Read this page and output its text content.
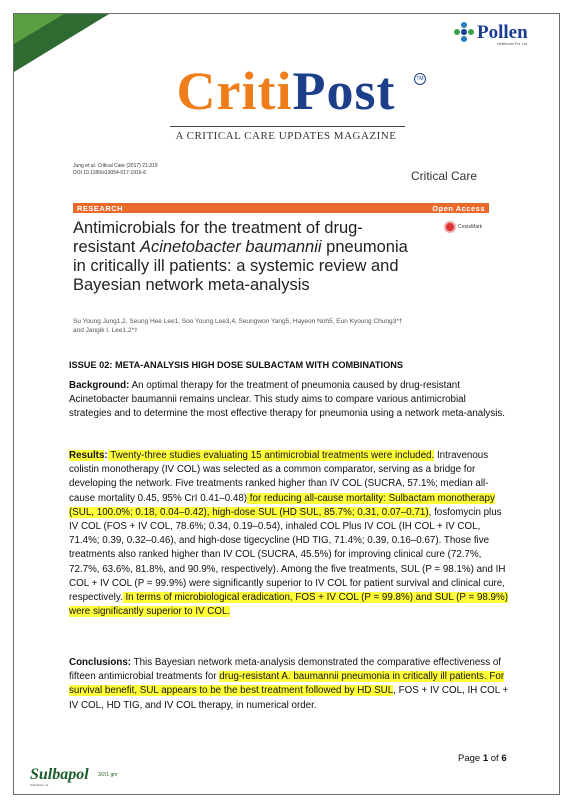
Pollen
Healthcare Pvt. Ltd.
CritiPost	TM
A CRITICAL CARE UPDATES MAGAZINE
Jung et al. Critical Care (2017) 21:319
DOI 10.1186/s13054-017-1916-6	Critical Care
RESEARCH	Open Access
Antimicrobials for the treatment of drug-resistant Acinetobacter baumannii pneumonia in critically ill patients: a systemic review and Bayesian network meta-analysis
CrossMark
Su Young Jung1,2, Seung Hee Lee1, Soo Young Lee3,4, Seungwon Yang5, Hayeon Noh5, Eun Kyoung Chung3*†
and Jangik I. Lee1,2*†
ISSUE 02: META-ANALYSIS HIGH DOSE SULBACTAM WITH COMBINATIONS
Background: An optimal therapy for the treatment of pneumonia caused by drug-resistant Acinetobacter baumannii remains unclear. This study aims to compare various antimicrobial strategies and to determine the most effective therapy for pneumonia using a network meta-analysis.
Results: Twenty-three studies evaluating 15 antimicrobial treatments were included. Intravenous colistin monotherapy (IV COL) was selected as a common comparator, serving as a bridge for developing the network. Five treatments ranked higher than IV COL (SUCRA, 57.1%; median all-cause mortality 0.45, 95% CrI 0.41–0.48) for reducing all-cause mortality: Sulbactam monotherapy (SUL, 100.0%; 0.18, 0.04–0.42), high-dose SUL (HD SUL, 85.7%; 0.31, 0.07–0.71), fosfomycin plus IV COL (FOS + IV COL, 78.6%; 0.34, 0.19–0.54), inhaled COL Plus IV COL (IH COL + IV COL, 71.4%; 0.39, 0.32–0.46), and high-dose tigecycline (HD TIG, 71.4%; 0.39, 0.16–0.67). Those five treatments also ranked higher than IV COL (SUCRA, 45.5%) for improving clinical cure (72.7%, 72.7%, 63.6%, 81.8%, and 90.9%, respectively). Among the five treatments, SUL (P = 98.1%) and IH COL + IV COL (P = 99.9%) were significantly superior to IV COL for patient survival and clinical cure, respectively. In terms of microbiological eradication, FOS + IV COL (P = 99.8%) and SUL (P = 98.9%) were significantly superior to IV COL.
Conclusions: This Bayesian network meta-analysis demonstrated the comparative effectiveness of fifteen antimicrobial treatments for drug-resistant A. baumannii pneumonia in critically ill patients. For survival benefit, SUL appears to be the best treatment followed by HD SUL, FOS + IV COL, IH COL + IV COL, HD TIG, and IV COL therapy, in numerical order.
Page 1 of 6
Sulbapol 3/2/1 gm
Sulbactam Inj.
